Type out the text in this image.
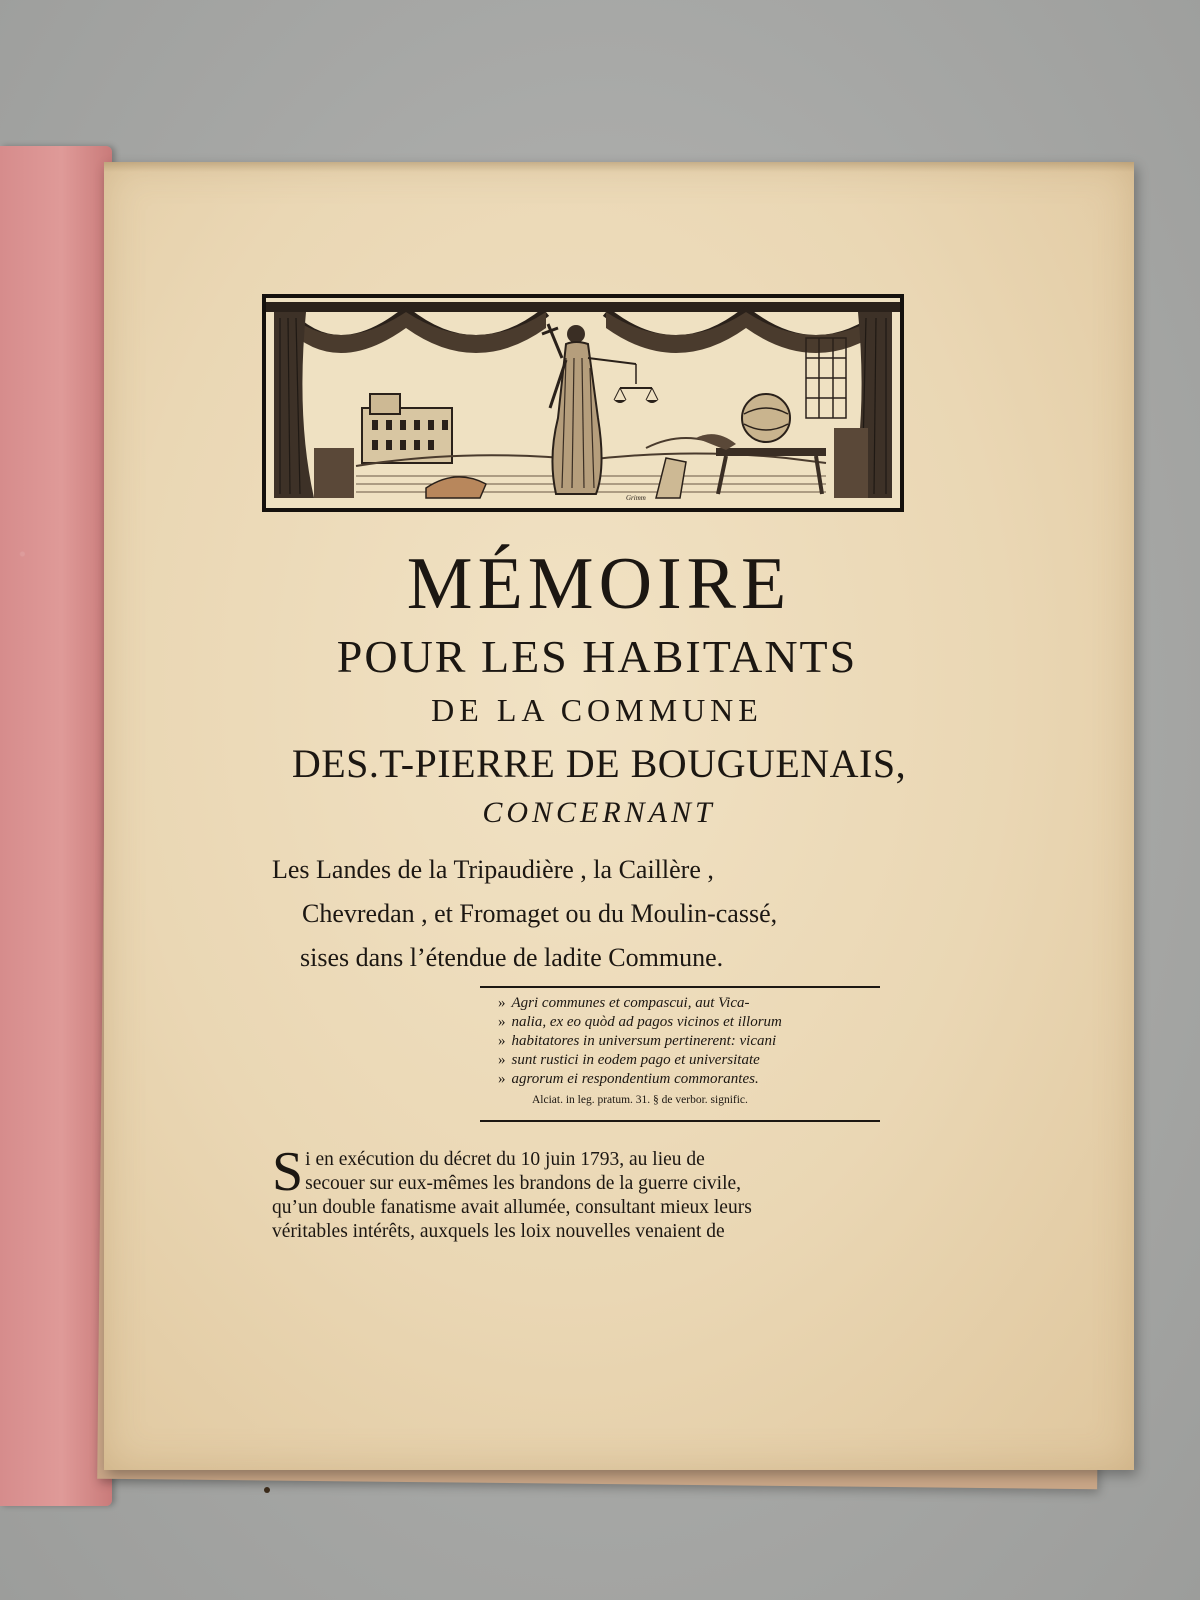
Grimm
MÉMOIRE
POUR LES HABITANTS
DE LA COMMUNE
DES.T-PIERRE DE BOUGUENAIS,
CONCERNANT
Les Landes de la Tripaudière , la Caillère ,
Chevredan , et Fromaget ou du Moulin-cassé,
sises dans l’étendue de ladite Commune.
» Agri communes et compascui, aut Vica-
» nalia, ex eo quòd ad pagos vicinos et illorum
» habitatores in universum pertinerent: vicani
» sunt rustici in eodem pago et universitate
» agrorum ei respondentium commorantes.
Alciat. in leg. pratum. 31. § de verbor. signific.
S i en exécution du décret du 10 juin 1793, au lieu de
secouer sur eux-mêmes les brandons de la guerre civile,
qu’un double fanatisme avait allumée, consultant mieux leurs
véritables intérêts, auxquels les loix nouvelles venaient de
